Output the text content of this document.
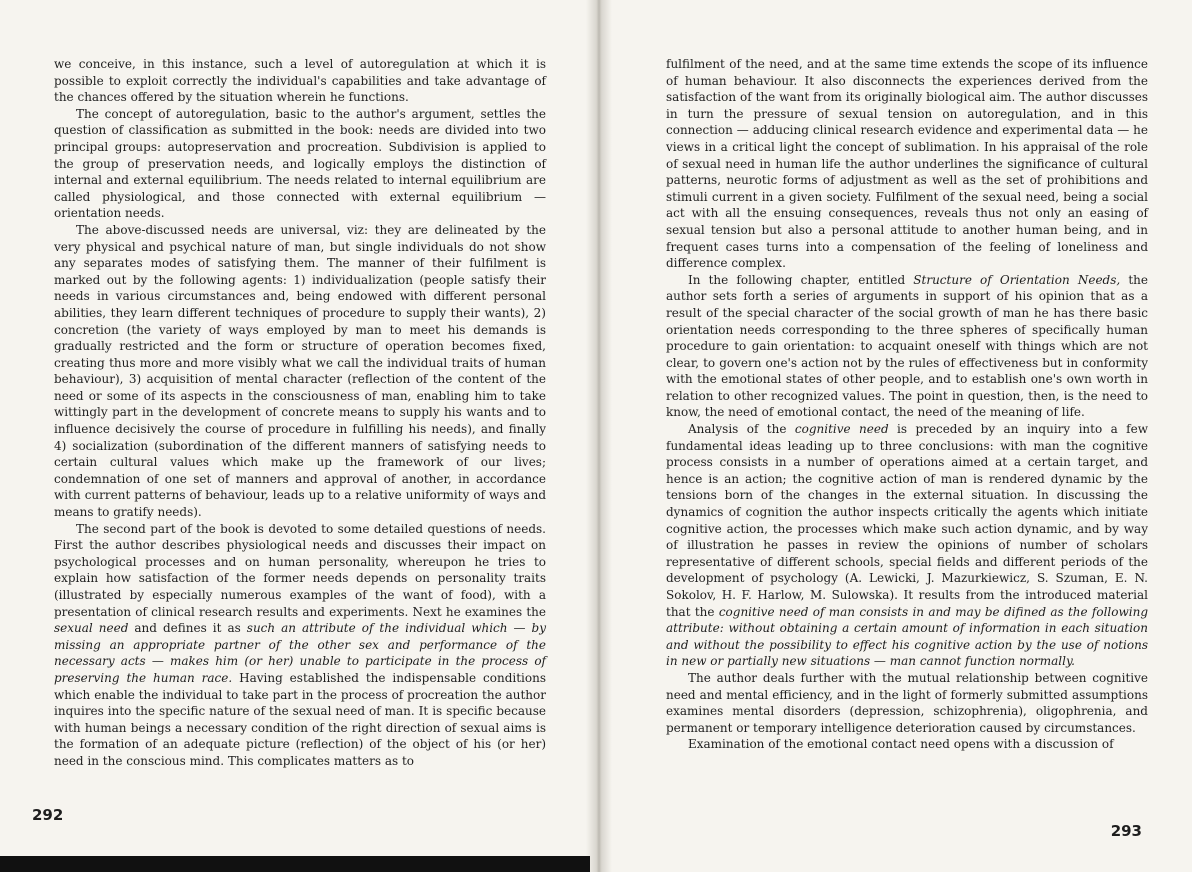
we conceive, in this instance, such a level of autoregulation at which it is possible to exploit correctly the individual's capabilities and take advantage of the chances offered by the situation wherein he functions.

The concept of autoregulation, basic to the author's argument, settles the question of classification as submitted in the book: needs are divided into two principal groups: autopreservation and procreation. Subdivision is applied to the group of preservation needs, and logically employs the distinction of internal and external equilibrium. The needs related to internal equilibrium are called physiological, and those connected with external equilibrium — orientation needs.

The above-discussed needs are universal, viz: they are delineated by the very physical and psychical nature of man, but single individuals do not show any separates modes of satisfying them. The manner of their fulfilment is marked out by the following agents: 1) individualization (people satisfy their needs in various circumstances and, being endowed with different personal abilities, they learn different techniques of procedure to supply their wants), 2) concretion (the variety of ways employed by man to meet his demands is gradually restricted and the form or structure of operation becomes fixed, creating thus more and more visibly what we call the individual traits of human behaviour), 3) acquisition of mental character (reflection of the content of the need or some of its aspects in the consciousness of man, enabling him to take wittingly part in the development of concrete means to supply his wants and to influence decisively the course of procedure in fulfilling his needs), and finally 4) socialization (subordination of the different manners of satisfying needs to certain cultural values which make up the framework of our lives; condemnation of one set of manners and approval of another, in accordance with current patterns of behaviour, leads up to a relative uniformity of ways and means to gratify needs).

The second part of the book is devoted to some detailed questions of needs. First the author describes physiological needs and discusses their impact on psychological processes and on human personality, whereupon he tries to explain how satisfaction of the former needs depends on personality traits (illustrated by especially numerous examples of the want of food), with a presentation of clinical research results and experiments. Next he examines the sexual need and defines it as such an attribute of the individual which — by missing an appropriate partner of the other sex and performance of the necessary acts — makes him (or her) unable to participate in the process of preserving the human race. Having established the indispensable conditions which enable the individual to take part in the process of procreation the author inquires into the specific nature of the sexual need of man. It is specific because with human beings a necessary condition of the right direction of sexual aims is the formation of an adequate picture (reflection) of the object of his (or her) need in the conscious mind. This complicates matters as to

292

fulfilment of the need, and at the same time extends the scope of its influence of human behaviour. It also disconnects the experiences derived from the satisfaction of the want from its originally biological aim. The author discusses in turn the pressure of sexual tension on autoregulation, and in this connection — adducing clinical research evidence and experimental data — he views in a critical light the concept of sublimation. In his appraisal of the role of sexual need in human life the author underlines the significance of cultural patterns, neurotic forms of adjustment as well as the set of prohibitions and stimuli current in a given society. Fulfilment of the sexual need, being a social act with all the ensuing consequences, reveals thus not only an easing of sexual tension but also a personal attitude to another human being, and in frequent cases turns into a compensation of the feeling of loneliness and difference complex.

In the following chapter, entitled Structure of Orientation Needs, the author sets forth a series of arguments in support of his opinion that as a result of the special character of the social growth of man he has there basic orientation needs corresponding to the three spheres of specifically human procedure to gain orientation: to acquaint oneself with things which are not clear, to govern one's action not by the rules of effectiveness but in conformity with the emotional states of other people, and to establish one's own worth in relation to other recognized values. The point in question, then, is the need to know, the need of emotional contact, the need of the meaning of life.

Analysis of the cognitive need is preceded by an inquiry into a few fundamental ideas leading up to three conclusions: with man the cognitive process consists in a number of operations aimed at a certain target, and hence is an action; the cognitive action of man is rendered dynamic by the tensions born of the changes in the external situation. In discussing the dynamics of cognition the author inspects critically the agents which initiate cognitive action, the processes which make such action dynamic, and by way of illustration he passes in review the opinions of number of scholars representative of different schools, special fields and different periods of the development of psychology (A. Lewicki, J. Mazurkiewicz, S. Szuman, E. N. Sokolov, H. F. Harlow, M. Sulowska). It results from the introduced material that the cognitive need of man consists in and may be difined as the following attribute: without obtaining a certain amount of information in each situation and without the possibility to effect his cognitive action by the use of notions in new or partially new situations — man cannot function normally.

The author deals further with the mutual relationship between cognitive need and mental efficiency, and in the light of formerly submitted assumptions examines mental disorders (depression, schizophrenia), oligophrenia, and permanent or temporary intelligence deterioration caused by circumstances.

Examination of the emotional contact need opens with a discussion of

293
